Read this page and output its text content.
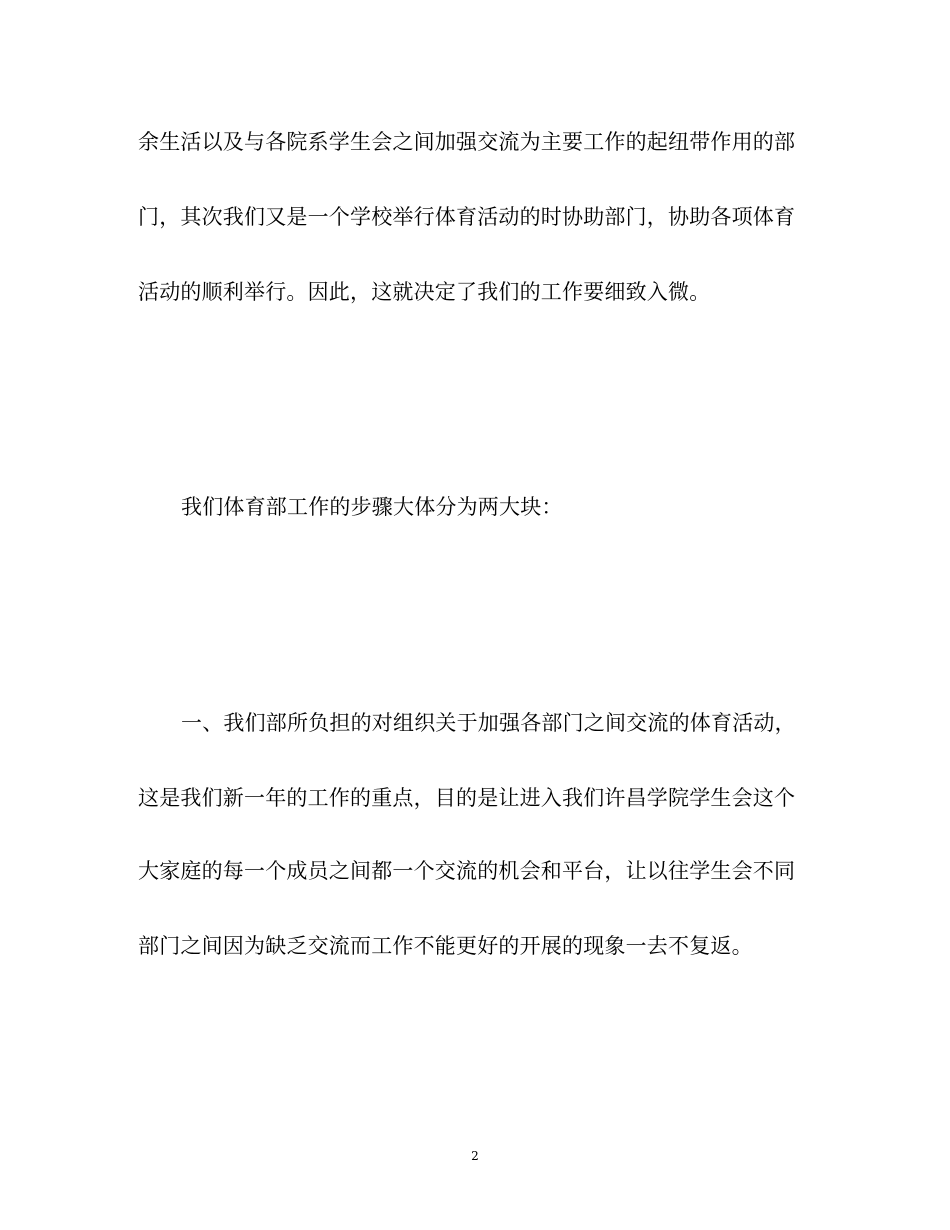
余生活以及与各院系学生会之间加强交流为主要工作的起纽带作用的部
门，其次我们又是一个学校举行体育活动的时协助部门，协助各项体育
活动的顺利举行。因此，这就决定了我们的工作要细致入微。
我们体育部工作的步骤大体分为两大块：
一、我们部所负担的对组织关于加强各部门之间交流的体育活动，
这是我们新一年的工作的重点，目的是让进入我们许昌学院学生会这个
大家庭的每一个成员之间都一个交流的机会和平台，让以往学生会不同
部门之间因为缺乏交流而工作不能更好的开展的现象一去不复返。
2
